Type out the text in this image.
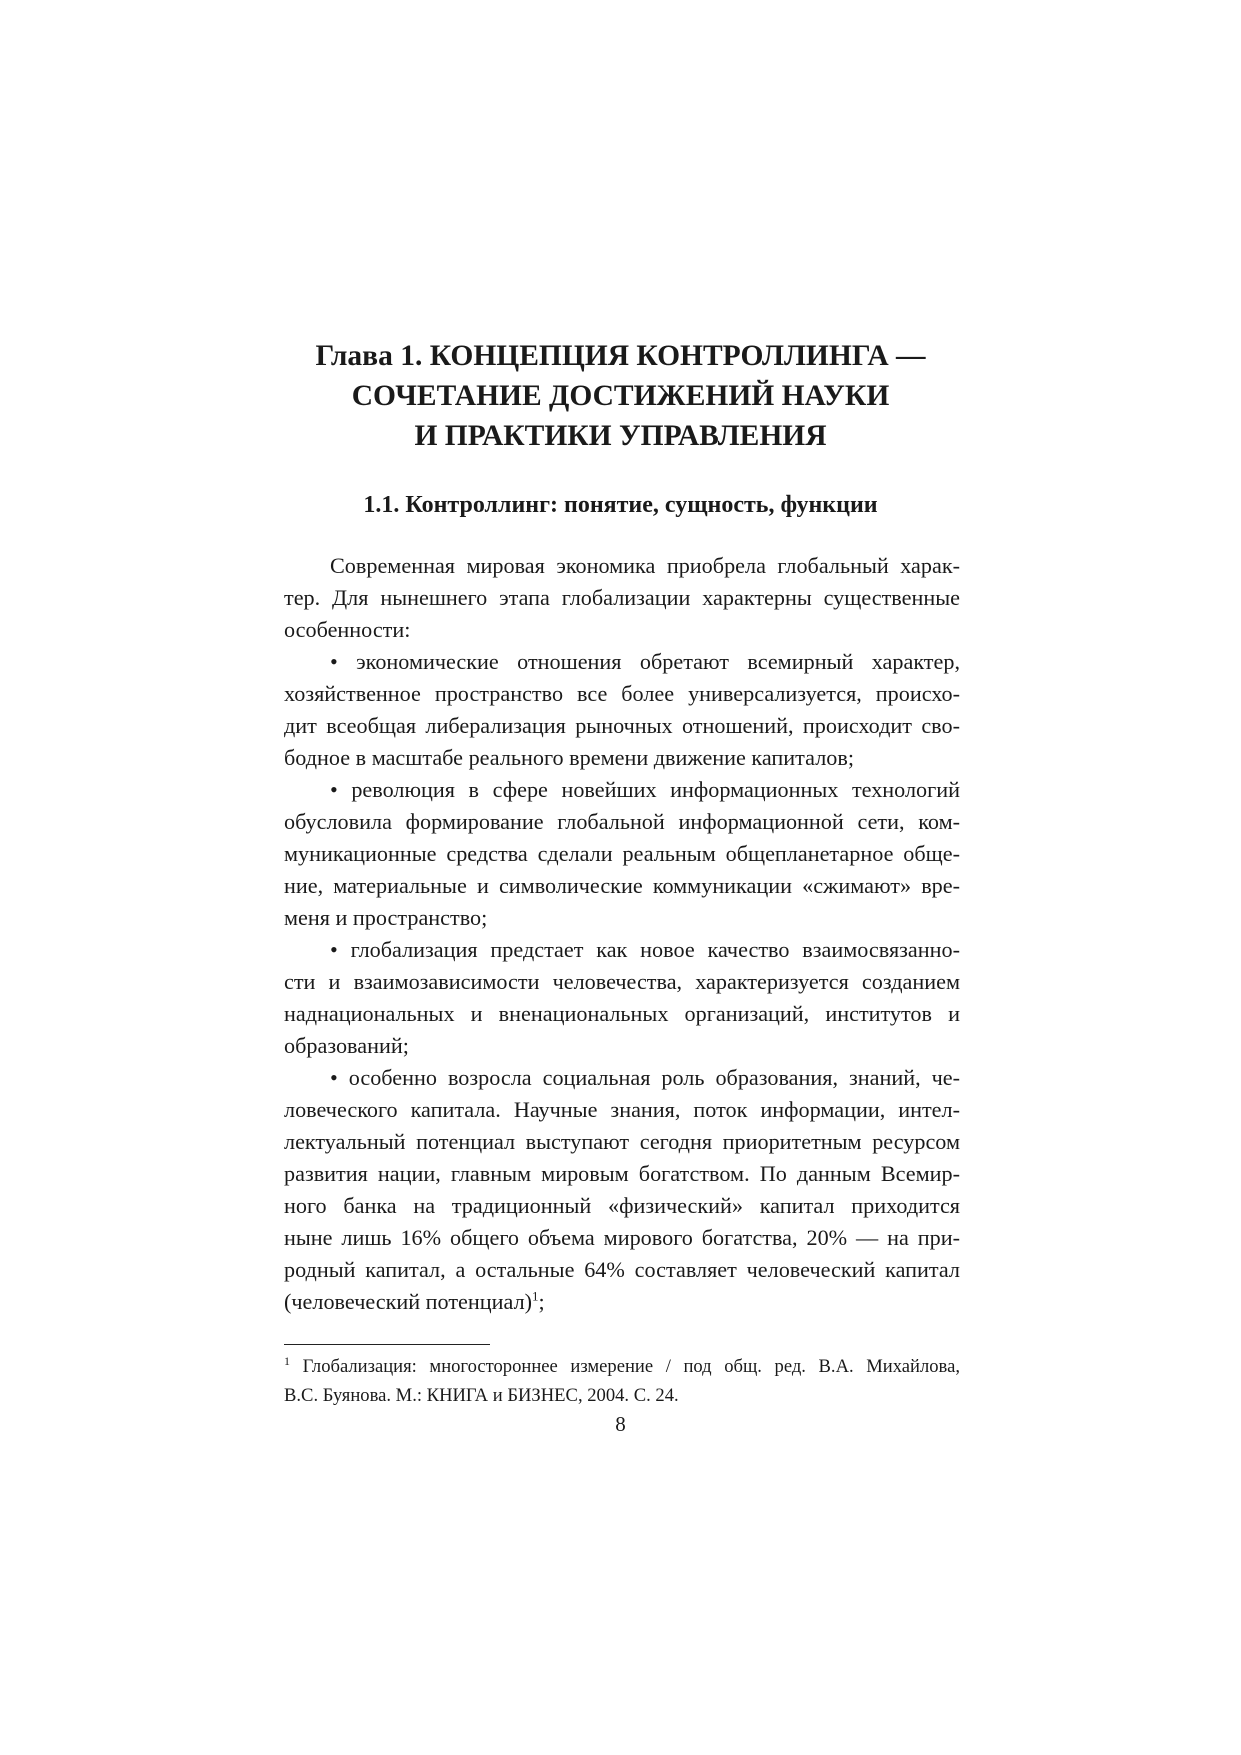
Глава 1. КОНЦЕПЦИЯ КОНТРОЛЛИНГА —
СОЧЕТАНИЕ ДОСТИЖЕНИЙ НАУКИ
И ПРАКТИКИ УПРАВЛЕНИЯ
1.1. Контроллинг: понятие, сущность, функции
Современная мировая экономика приобрела глобальный харак-
тер. Для нынешнего этапа глобализации характерны существенные
особенности:
• экономические отношения обретают всемирный характер,
хозяйственное пространство все более универсализуется, происхо-
дит всеобщая либерализация рыночных отношений, происходит сво-
бодное в масштабе реального времени движение капиталов;
• революция в сфере новейших информационных технологий
обусловила формирование глобальной информационной сети, ком-
муникационные средства сделали реальным общепланетарное обще-
ние, материальные и символические коммуникации «сжимают» вре-
меня и пространство;
• глобализация предстает как новое качество взаимосвязанно-
сти и взаимозависимости человечества, характеризуется созданием
наднациональных и вненациональных организаций, институтов и
образований;
• особенно возросла социальная роль образования, знаний, че-
ловеческого капитала. Научные знания, поток информации, интел-
лектуальный потенциал выступают сегодня приоритетным ресурсом
развития нации, главным мировым богатством. По данным Всемир-
ного банка на традиционный «физический» капитал приходится
ныне лишь 16% общего объема мирового богатства, 20% — на при-
родный капитал, а остальные 64% составляет человеческий капитал
(человеческий потенциал)$^1$;
$^1$ Глобализация: многостороннее измерение / под общ. ред. В.А. Михайлова,
В.С. Буянова. М.: КНИГА и БИЗНЕС, 2004. С. 24.
8
